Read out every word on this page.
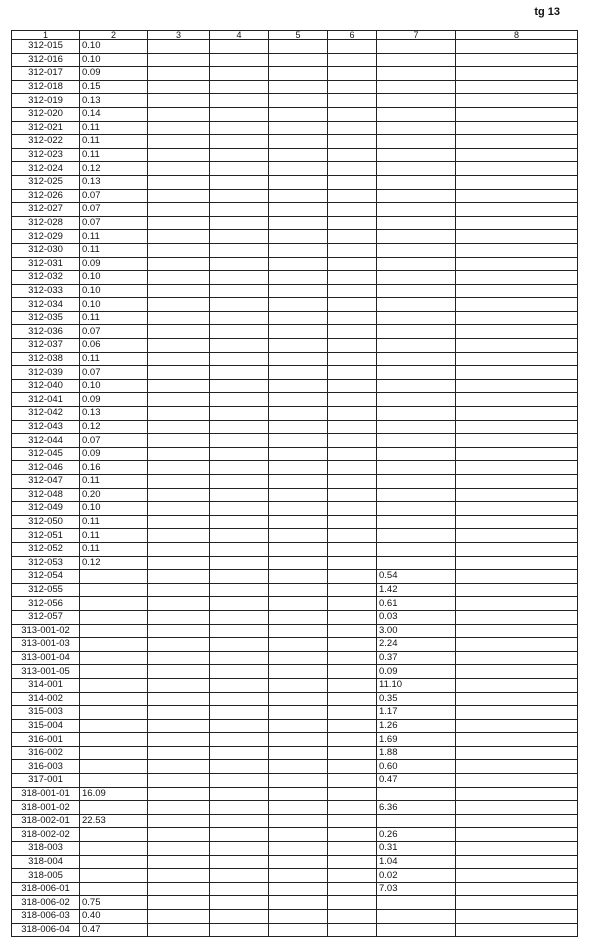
tg 13
1	2	3	4	5	6	7	8
312-015	0.10						
312-016	0.10						
312-017	0.09						
312-018	0.15						
312-019	0.13						
312-020	0.14						
312-021	0.11						
312-022	0.11						
312-023	0.11						
312-024	0.12						
312-025	0.13						
312-026	0.07						
312-027	0.07						
312-028	0.07						
312-029	0.11						
312-030	0.11						
312-031	0.09						
312-032	0.10						
312-033	0.10						
312-034	0.10						
312-035	0.11						
312-036	0.07						
312-037	0.06						
312-038	0.11						
312-039	0.07						
312-040	0.10						
312-041	0.09						
312-042	0.13						
312-043	0.12						
312-044	0.07						
312-045	0.09						
312-046	0.16						
312-047	0.11						
312-048	0.20						
312-049	0.10						
312-050	0.11						
312-051	0.11						
312-052	0.11						
312-053	0.12						
312-054						0.54	
312-055						1.42	
312-056						0.61	
312-057						0.03	
313-001-02						3.00	
313-001-03						2.24	
313-001-04						0.37	
313-001-05						0.09	
314-001						11.10	
314-002						0.35	
315-003						1.17	
315-004						1.26	
316-001						1.69	
316-002						1.88	
316-003						0.60	
317-001						0.47	
318-001-01	16.09						
318-001-02						6.36	
318-002-01	22.53						
318-002-02						0.26	
318-003						0.31	
318-004						1.04	
318-005						0.02	
318-006-01						7.03	
318-006-02	0.75						
318-006-03	0.40						
318-006-04	0.47						
